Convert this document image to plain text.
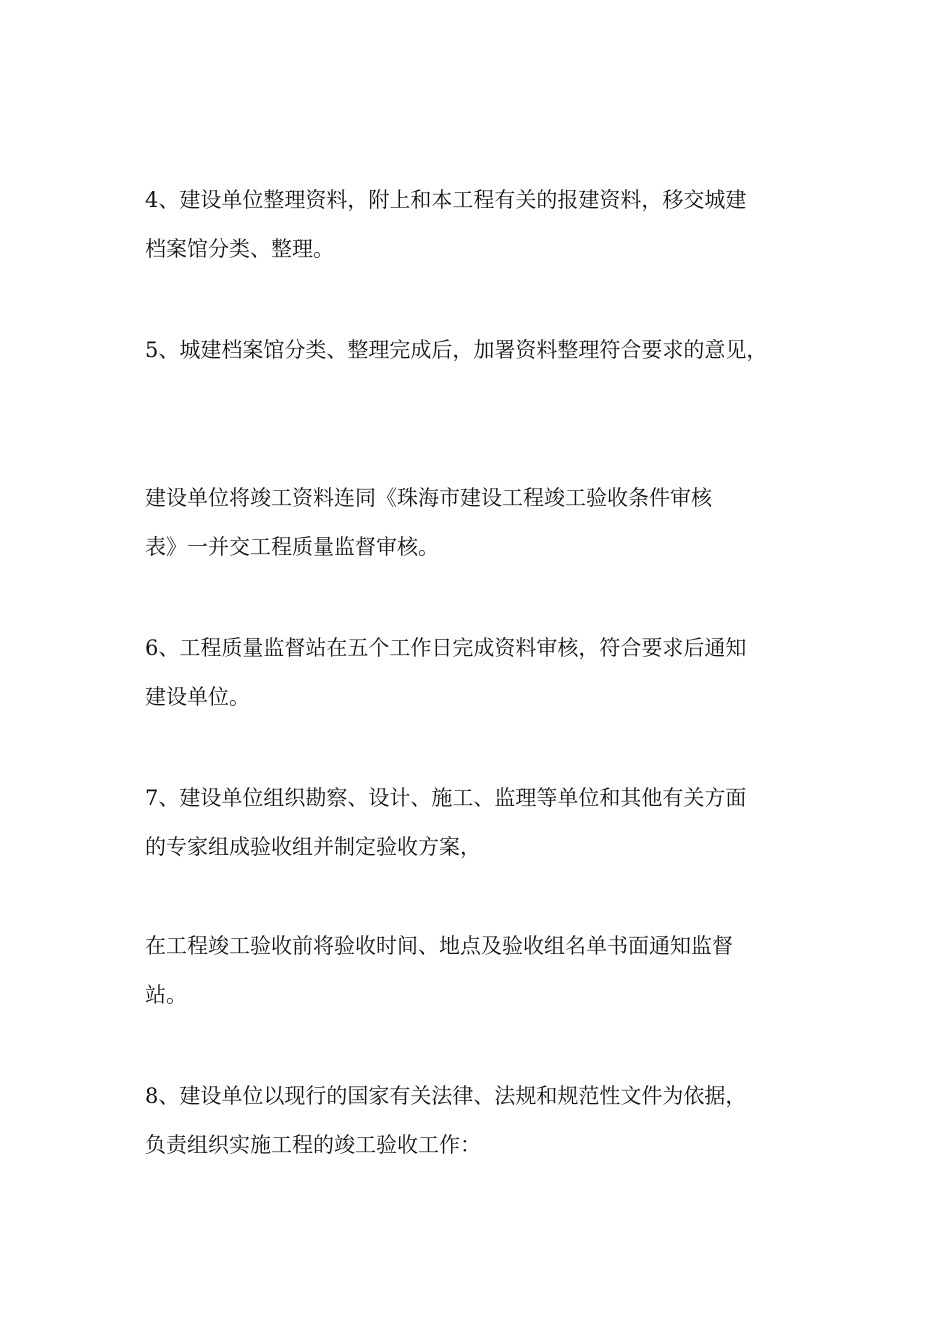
4、建设单位整理资料，附上和本工程有关的报建资料，移交城建
档案馆分类、整理。

5、城建档案馆分类、整理完成后，加署资料整理符合要求的意见，

建设单位将竣工资料连同《珠海市建设工程竣工验收条件审核
表》一并交工程质量监督审核。

6、工程质量监督站在五个工作日完成资料审核，符合要求后通知
建设单位。

7、建设单位组织勘察、设计、施工、监理等单位和其他有关方面
的专家组成验收组并制定验收方案，

在工程竣工验收前将验收时间、地点及验收组名单书面通知监督
站。

8、建设单位以现行的国家有关法律、法规和规范性文件为依据，
负责组织实施工程的竣工验收工作：
